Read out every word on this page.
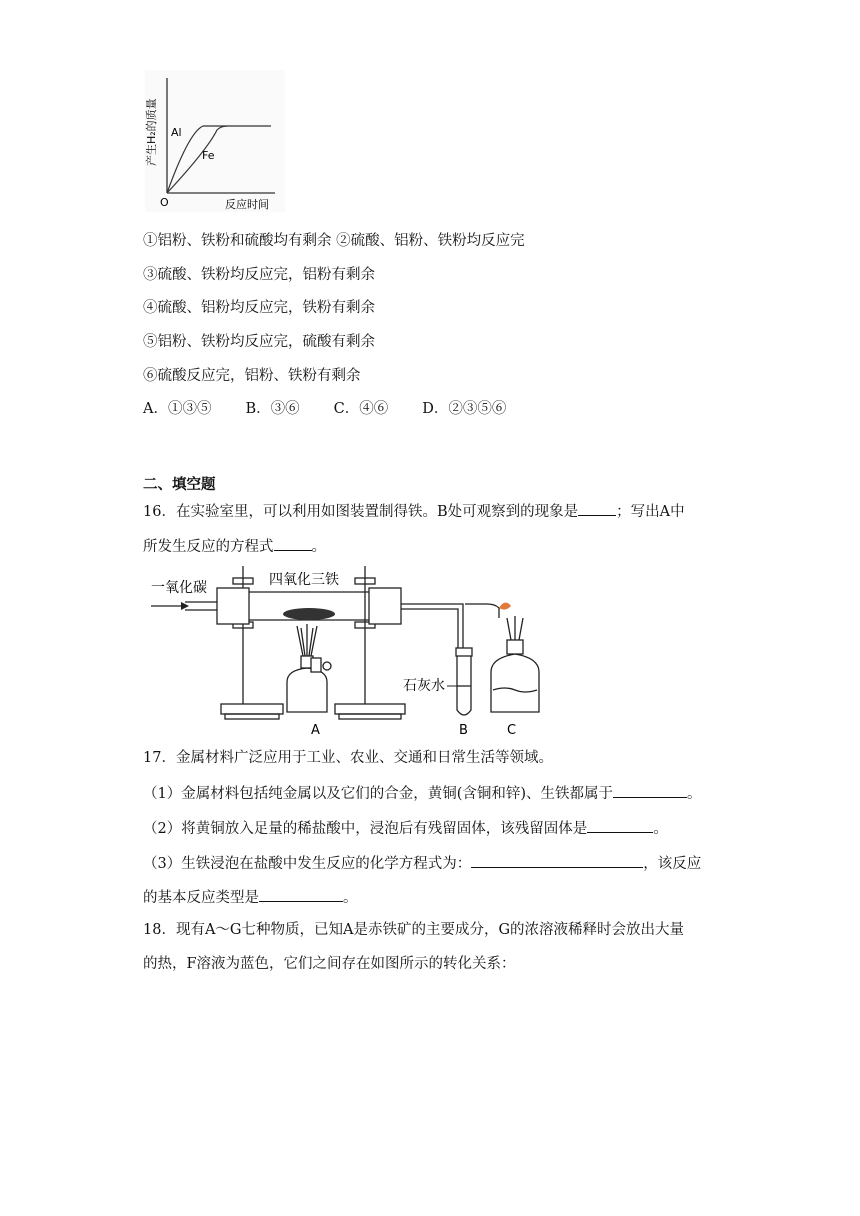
产生H₂的质量 Al
Fe
O	反应时间
①铝粉、铁粉和硫酸均有剩余 ②硫酸、铝粉、铁粉均反应完
③硫酸、铁粉均反应完，铝粉有剩余
④硫酸、铝粉均反应完，铁粉有剩余
⑤铝粉、铁粉均反应完，硫酸有剩余
⑥硫酸反应完，铝粉、铁粉有剩余
A．①③⑤ B．③⑥ C．④⑥ D．②③⑤⑥
二、填空题
16．在实验室里，可以利用如图装置制得铁。B处可观察到的现象是	；写出A中
所发生反应的方程式	。
一氧化碳	四氧化三铁
石灰水
A	B	C
17．金属材料广泛应用于工业、农业、交通和日常生活等领域。
（1）金属材料包括纯金属以及它们的合金，黄铜(含铜和锌)、生铁都属于	。
（2）将黄铜放入足量的稀盐酸中，浸泡后有残留固体，该残留固体是	。
（3）生铁浸泡在盐酸中发生反应的化学方程式为：	，该反应
的基本反应类型是	。
18．现有A～G七种物质，已知A是赤铁矿的主要成分，G的浓溶液稀释时会放出大量
的热，F溶液为蓝色，它们之间存在如图所示的转化关系：
